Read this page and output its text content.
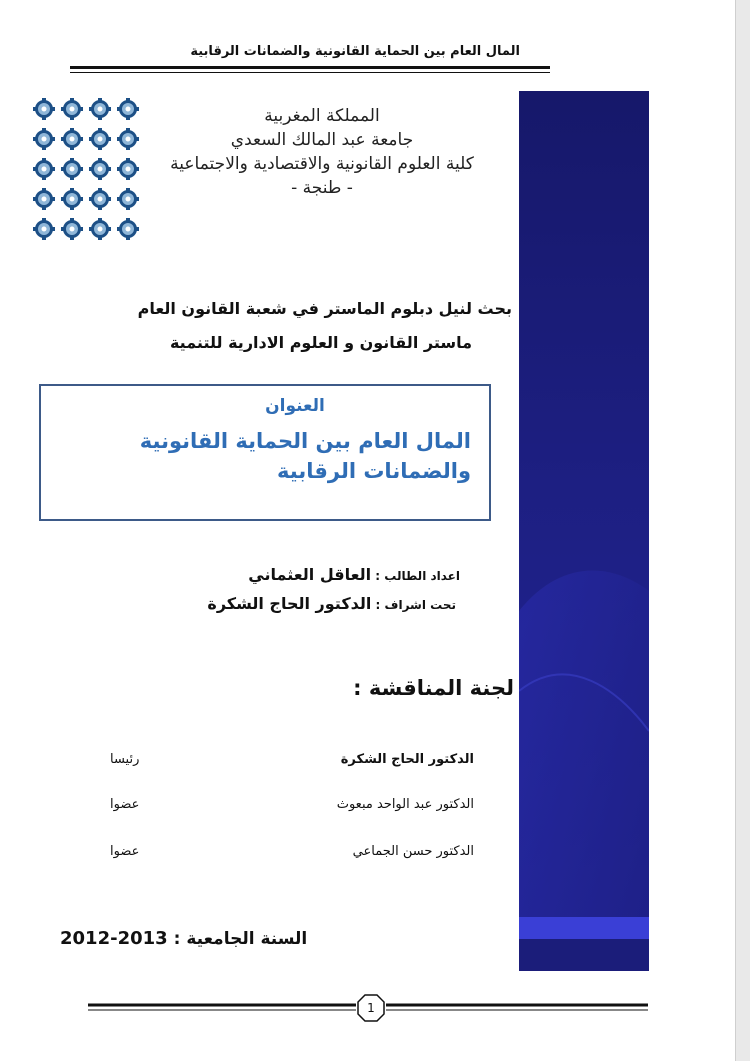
المال العام بين الحماية القانونية والضمانات الرقابية
المملكة المغربية
جامعة عبد المالك السعدي
كلية العلوم القانونية والاقتصادية والاجتماعية
- طنجة -
بحث لنيل دبلوم الماستر في شعبة القانون العام
ماستر القانون و العلوم الادارية للتنمية
العنوان
المال العام بين الحماية القانونية والضمانات الرقابية
اعداد الطالب : العاقل العثماني
تحت اشراف : الدكتور الحاج الشكرة
لجنة المناقشة :
الدكتور الحاج الشكرة
رئيسا
الدكتور عبد الواحد مبعوث
عضوا
الدكتور حسن الجماعي
عضوا
السنة الجامعية : 2013-2012
1
